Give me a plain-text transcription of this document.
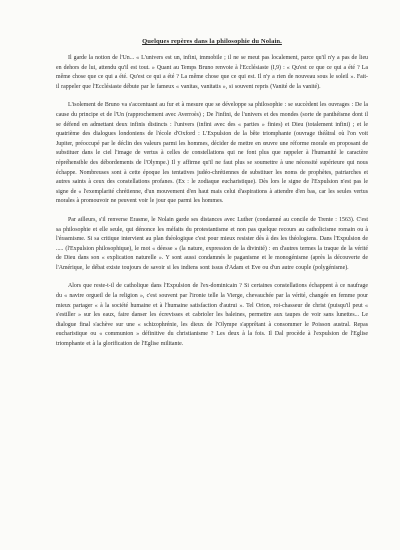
Quelques repères dans la philosophie du Nolain.

Il garde la notion de l'Un... « L'univers est un, infini, immobile ; il ne se meut pas localement, parce qu'il n'y a pas de lieu en dehors de lui, attendu qu'il est tout. » Quant au Temps Bruno renvoie à l'Ecclésiaste (I,9) : « Qu'est ce que ce qui a été ? La même chose que ce qui a été. Qu'est ce qui a été ? La même chose que ce qui est. Il n'y a rien de nouveau sous le soleil ». Fait-il rappeler que l'Ecclésiaste débute par le fameux « vanitas, vanitatis », si souvent repris (Vanité de la vanité).

L'isolement de Bruno va s'accentuant au fur et à mesure que se développe sa philosophie : se succèdent les ouvrages : De la cause du principe et de l'Un (rapprochement avec Averroès) ; De l'infini, de l'univers et des mondes (sorte de panthéisme dont il se défend en admettant deux infinis distincts : l'univers (infini avec des « parties » finies) et Dieu (totalement infini) ; et le quatrième des dialogues londoniens de l'école d'Oxford : L'Expulsion de la bête triomphante (ouvrage théâtral où l'on voit Jupiter, préoccupé par le déclin des valeurs parmi les hommes, décider de mettre en œuvre une réforme morale en proposant de substituer dans le ciel l'image de vertus à celles de constellations qui ne font plus que rappeler à l'humanité le caractère répréhensible des débordements de l'Olympe.) Il y affirme qu'il ne faut plus se soumettre à une nécessité supérieure qui nous échappe. Nombreuses sont à cette époque les tentatives judéo-chrétiennes de substituer les noms de prophètes, patriarches et autres saints à ceux des constellations profanes. (Ex : le zodiaque eucharistique). Dès lors le signe de l'Expulsion n'est pas le signe de « l'exemplarité chrétienne, d'un mouvement d'en haut mais celui d'aspirations à attendre d'en bas, car les seules vertus morales à promouvoir ne peuvent voir le jour que parmi les hommes.

Par ailleurs, s'il renverse Erasme, le Nolain garde ses distances avec Luther (condamné au concile de Trente : 1563). C'est sa philosophie et elle seule, qui dénonce les méfaits du protestantisme et non pas quelque recours au catholicisme romain ou à l'érasmisme. Si sa critique intervient au plan théologique c'est pour mieux resister dès à des les théologiens. Dans l'Expulsion de ..... (l'Expulsion philosophique), le mot « déesse » (la nature, expression de la divinité) : en d'autres termes la traque de la vérité de Dieu dans son « explication naturelle ». Y sont aussi condamnés le paganisme et le monogénisme (après la découverte de l'Amérique, le débat existe toujours de savoir si les indiens sont issus d'Adam et Eve ou d'un autre couple (polygénisme).

Alors que reste-t-il de catholique dans l'Expulsion de l'ex-dominicain ? Si certaines constellations échappent à ce naufrage du « navire orgueil de la religion », c'est souvent par l'ironie telle la Vierge, chevauchée par la vérité, changée en femme pour mieux partager « à la société humaine et à l'humaine satisfaction d'autrui ». Tel Orion, roi-chasseur de christ (puisqu'il peut « s'estiller » sur les eaux, faire danser les écrevisses et cabrioler les baleines, permettre aux taupes de voir sans lunettes... Le dialogue final s'achève sur une « schizophrénie, les dieux de l'Olympe s'apprêtant à consommer le Poisson austral. Repas eucharistique ou « communion » définitive du christianisme ? Les deux à la fois. Il Dal procède à l'expulsion de l'Eglise triomphante et à la glorification de l'Eglise militante.
